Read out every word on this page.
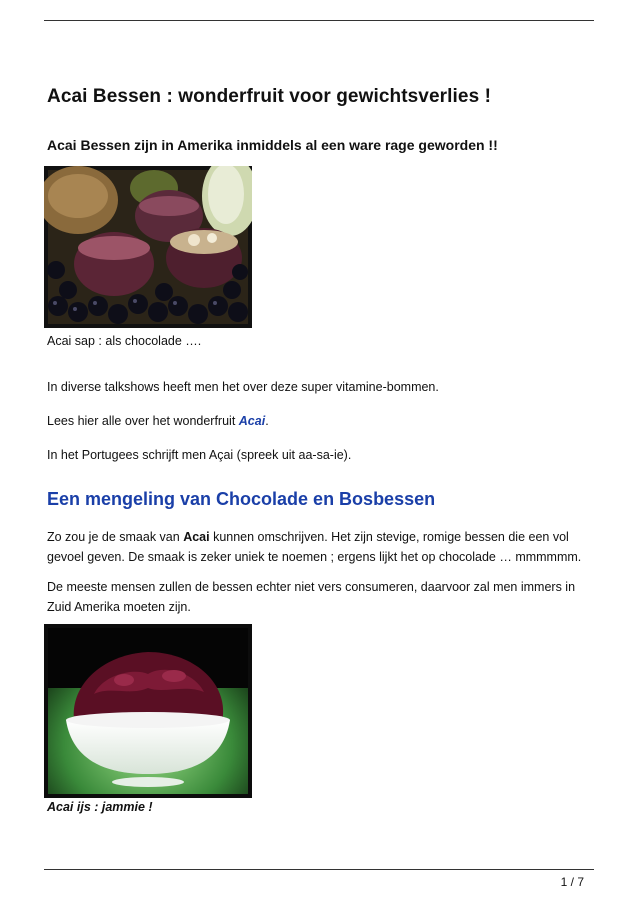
Acai Bessen : wonderfruit voor gewichtsverlies !
Acai Bessen zijn in Amerika inmiddels al een ware rage geworden !!
Acai sap : als chocolade ….
In diverse talkshows heeft men het over deze super vitamine-bommen.
Lees hier alle over het wonderfruit Acai.
In het Portugees schrijft men Açai (spreek uit aa-sa-ie).
Een mengeling van Chocolade en Bosbessen
Zo zou je de smaak van Acai kunnen omschrijven. Het zijn stevige, romige bessen die een vol
gevoel geven. De smaak is zeker uniek te noemen ; ergens lijkt het op chocolade … mmmmmm.
De meeste mensen zullen de bessen echter niet vers consumeren, daarvoor zal men immers in
Zuid Amerika moeten zijn.
Acai ijs : jammie !
1 / 7
